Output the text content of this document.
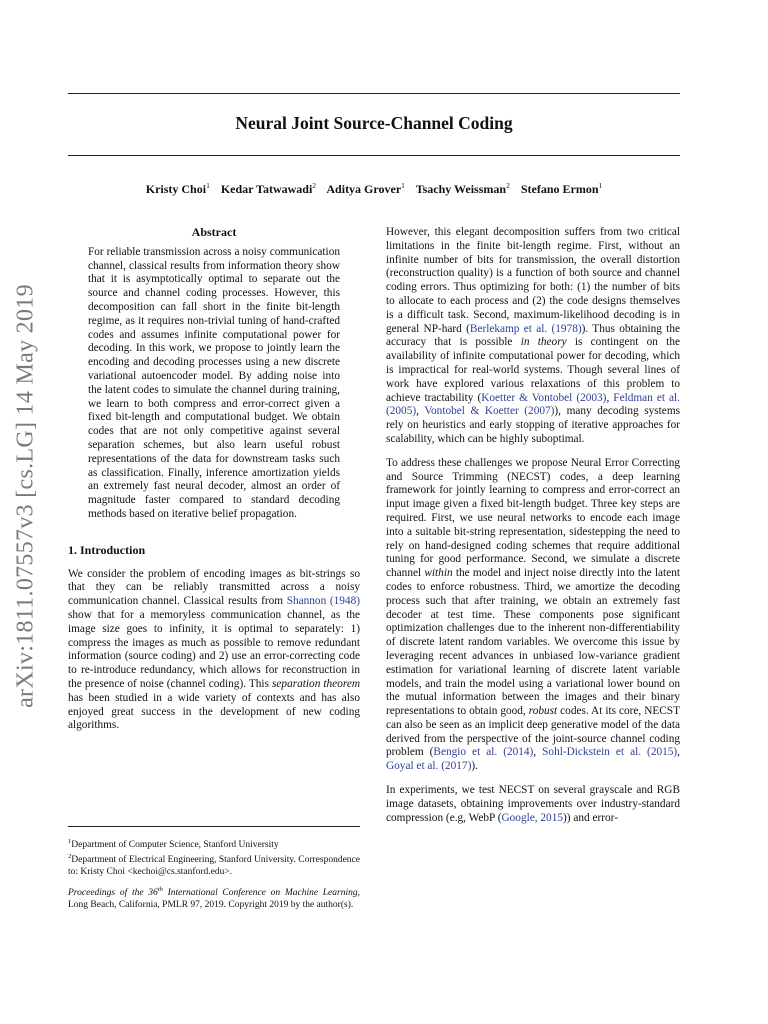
Neural Joint Source-Channel Coding
Kristy Choi$^1$ Kedar Tatwawadi$^2$ Aditya Grover$^1$ Tsachy Weissman$^2$ Stefano Ermon$^1$
arXiv:1811.07557v3 [cs.LG] 14 May 2019
Abstract

For reliable transmission across a noisy communication channel, classical results from information theory show that it is asymptotically optimal to separate out the source and channel coding processes. However, this decomposition can fall short in the finite bit-length regime, as it requires non-trivial tuning of hand-crafted codes and assumes infinite computational power for decoding. In this work, we propose to jointly learn the encoding and decoding processes using a new discrete variational autoencoder model. By adding noise into the latent codes to simulate the channel during training, we learn to both compress and error-correct given a fixed bit-length and computational budget. We obtain codes that are not only competitive against several separation schemes, but also learn useful robust representations of the data for downstream tasks such as classification. Finally, inference amortization yields an extremely fast neural decoder, almost an order of magnitude faster compared to standard decoding methods based on iterative belief propagation.

1. Introduction

We consider the problem of encoding images as bit-strings so that they can be reliably transmitted across a noisy communication channel. Classical results from Shannon (1948) show that for a memoryless communication channel, as the image size goes to infinity, it is optimal to separately: 1) compress the images as much as possible to remove redundant information (source coding) and 2) use an error-correcting code to re-introduce redundancy, which allows for reconstruction in the presence of noise (channel coding). This separation theorem has been studied in a wide variety of contexts and has also enjoyed great success in the development of new coding algorithms.

$^1$Department of Computer Science, Stanford University
$^2$Department of Electrical Engineering, Stanford University. Correspondence to: Kristy Choi <kechoi@cs.stanford.edu>.
Proceedings of the 36th International Conference on Machine Learning, Long Beach, California, PMLR 97, 2019. Copyright 2019 by the author(s).

However, this elegant decomposition suffers from two critical limitations in the finite bit-length regime. First, without an infinite number of bits for transmission, the overall distortion (reconstruction quality) is a function of both source and channel coding errors. Thus optimizing for both: (1) the number of bits to allocate to each process and (2) the code designs themselves is a difficult task. Second, maximum-likelihood decoding is in general NP-hard (Berlekamp et al. (1978)). Thus obtaining the accuracy that is possible in theory is contingent on the availability of infinite computational power for decoding, which is impractical for real-world systems. Though several lines of work have explored various relaxations of this problem to achieve tractability (Koetter & Vontobel (2003), Feldman et al. (2005), Vontobel & Koetter (2007)), many decoding systems rely on heuristics and early stopping of iterative approaches for scalability, which can be highly suboptimal.

To address these challenges we propose Neural Error Correcting and Source Trimming (NECST) codes, a deep learning framework for jointly learning to compress and error-correct an input image given a fixed bit-length budget. Three key steps are required. First, we use neural networks to encode each image into a suitable bit-string representation, sidestepping the need to rely on hand-designed coding schemes that require additional tuning for good performance. Second, we simulate a discrete channel within the model and inject noise directly into the latent codes to enforce robustness. Third, we amortize the decoding process such that after training, we obtain an extremely fast decoder at test time. These components pose significant optimization challenges due to the inherent non-differentiability of discrete latent random variables. We overcome this issue by leveraging recent advances in unbiased low-variance gradient estimation for variational learning of discrete latent variable models, and train the model using a variational lower bound on the mutual information between the images and their binary representations to obtain good, robust codes. At its core, NECST can also be seen as an implicit deep generative model of the data derived from the perspective of the joint-source channel coding problem (Bengio et al. (2014), Sohl-Dickstein et al. (2015), Goyal et al. (2017)).

In experiments, we test NECST on several grayscale and RGB image datasets, obtaining improvements over industry-standard compression (e.g, WebP (Google, 2015)) and error-
